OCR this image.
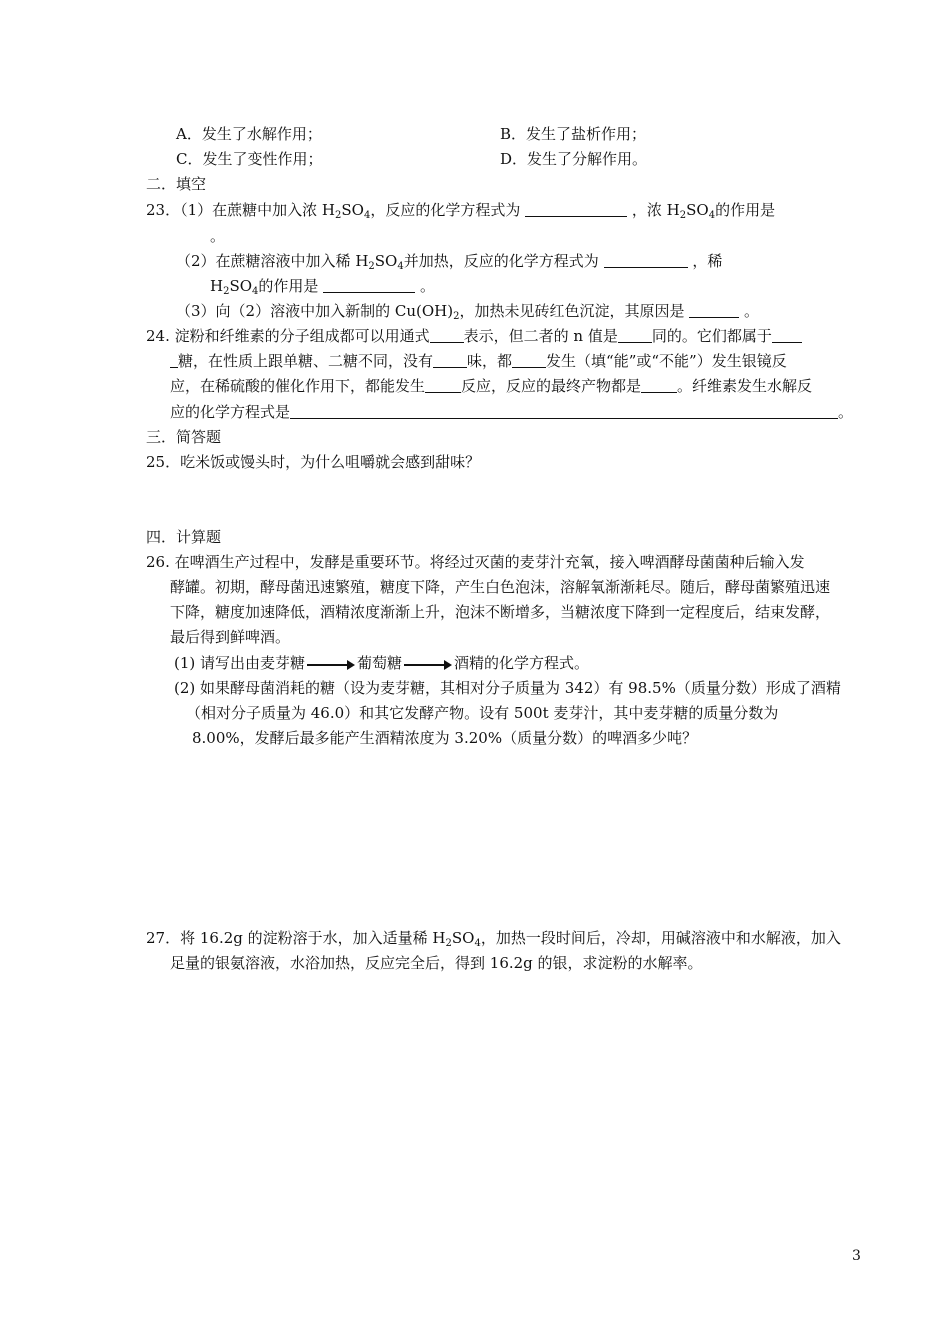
A．发生了水解作用；	B．发生了盐析作用；
C．发生了变性作用；	D．发生了分解作用。
二．填空
23．（1）在蔗糖中加入浓 $H_2SO_4$，反应的化学方程式为	，浓 $H_2SO_4$的作用是
。
（2）在蔗糖溶液中加入稀 $H_2SO_4$并加热，反应的化学方程式为	，稀
$H_2SO_4$的作用是	。
（3）向（2）溶液中加入新制的 $Cu(OH)_2$，加热未见砖红色沉淀，其原因是	。
24. 淀粉和纤维素的分子组成都可以用通式 表示，但二者的 n 值是 同的。它们都属于
糖，在性质上跟单糖、二糖不同，没有 味，都 发生（填“能”或“不能”）发生银镜反
应，在稀硫酸的催化作用下，都能发生 反应，反应的最终产物都是 。纤维素发生水解反
应的化学方程式是	。
三．简答题
25．吃米饭或馒头时，为什么咀嚼就会感到甜味？
四．计算题
26. 在啤酒生产过程中，发酵是重要环节。将经过灭菌的麦芽汁充氧，接入啤酒酵母菌菌种后输入发
酵罐。初期，酵母菌迅速繁殖，糖度下降，产生白色泡沫，溶解氧渐渐耗尽。随后，酵母菌繁殖迅速
下降，糖度加速降低，酒精浓度渐渐上升，泡沫不断增多，当糖浓度下降到一定程度后，结束发酵，
最后得到鲜啤酒。
(1) 请写出由麦芽糖	葡萄糖	酒精的化学方程式。
(2) 如果酵母菌消耗的糖（设为麦芽糖，其相对分子质量为 342）有 98.5%（质量分数）形成了酒精
（相对分子质量为 46.0）和其它发酵产物。设有 500t 麦芽汁，其中麦芽糖的质量分数为
8.00%，发酵后最多能产生酒精浓度为 3.20%（质量分数）的啤酒多少吨？
27．将 16.2g 的淀粉溶于水，加入适量稀 $H_2SO_4$，加热一段时间后，冷却，用碱溶液中和水解液，加入
足量的银氨溶液，水浴加热，反应完全后，得到 16.2g 的银，求淀粉的水解率。
3
